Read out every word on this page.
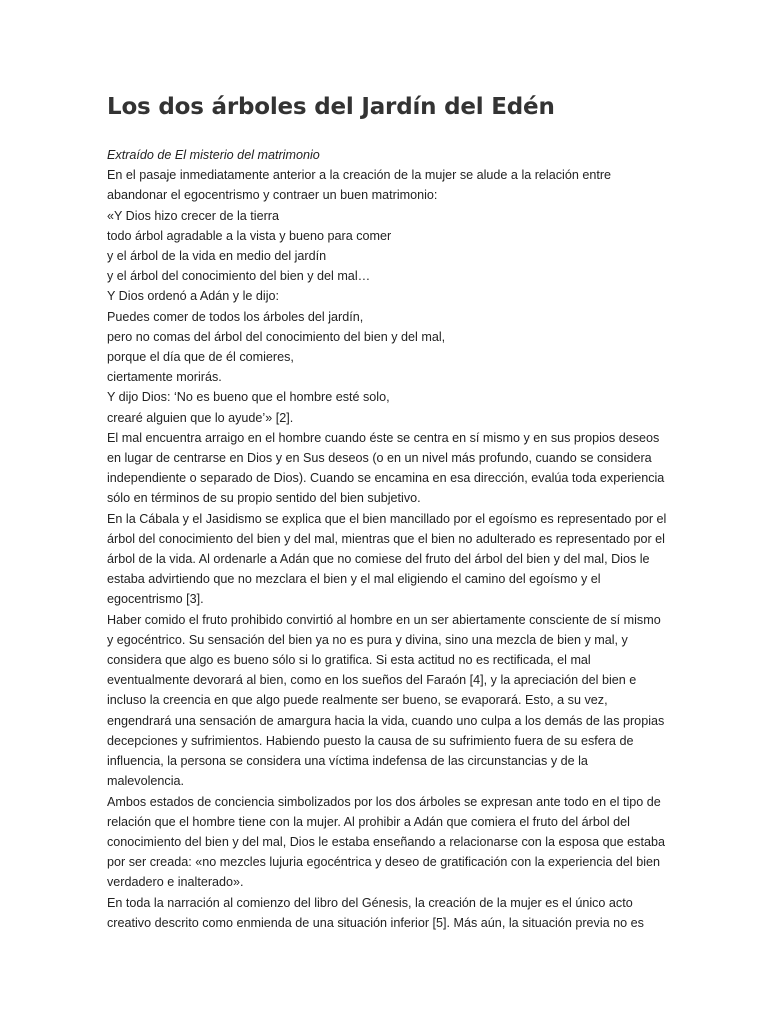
Los dos árboles del Jardín del Edén

Extraído de El misterio del matrimonio

En el pasaje inmediatamente anterior a la creación de la mujer se alude a la relación entre abandonar el egocentrismo y contraer un buen matrimonio:

«Y Dios hizo crecer de la tierra

todo árbol agradable a la vista y bueno para comer

y el árbol de la vida en medio del jardín

y el árbol del conocimiento del bien y del mal…

Y Dios ordenó a Adán y le dijo:

Puedes comer de todos los árboles del jardín,

pero no comas del árbol del conocimiento del bien y del mal,

porque el día que de él comieres,

ciertamente morirás.

Y dijo Dios: ‘No es bueno que el hombre esté solo,

crearé alguien que lo ayude’» [2].

El mal encuentra arraigo en el hombre cuando éste se centra en sí mismo y en sus propios deseos en lugar de centrarse en Dios y en Sus deseos (o en un nivel más profundo, cuando se considera independiente o separado de Dios). Cuando se encamina en esa dirección, evalúa toda experiencia sólo en términos de su propio sentido del bien subjetivo.

En la Cábala y el Jasidismo se explica que el bien mancillado por el egoísmo es representado por el árbol del conocimiento del bien y del mal, mientras que el bien no adulterado es representado por el árbol de la vida. Al ordenarle a Adán que no comiese del fruto del árbol del bien y del mal, Dios le estaba advirtiendo que no mezclara el bien y el mal eligiendo el camino del egoísmo y el egocentrismo [3].

Haber comido el fruto prohibido convirtió al hombre en un ser abiertamente consciente de sí mismo y egocéntrico. Su sensación del bien ya no es pura y divina, sino una mezcla de bien y mal, y considera que algo es bueno sólo si lo gratifica. Si esta actitud no es rectificada, el mal eventualmente devorará al bien, como en los sueños del Faraón [4], y la apreciación del bien e incluso la creencia en que algo puede realmente ser bueno, se evaporará. Esto, a su vez, engendrará una sensación de amargura hacia la vida, cuando uno culpa a los demás de las propias decepciones y sufrimientos. Habiendo puesto la causa de su sufrimiento fuera de su esfera de influencia, la persona se considera una víctima indefensa de las circunstancias y de la malevolencia.

Ambos estados de conciencia simbolizados por los dos árboles se expresan ante todo en el tipo de relación que el hombre tiene con la mujer. Al prohibir a Adán que comiera el fruto del árbol del conocimiento del bien y del mal, Dios le estaba enseñando a relacionarse con la esposa que estaba por ser creada: «no mezcles lujuria egocéntrica y deseo de gratificación con la experiencia del bien verdadero e inalterado».

En toda la narración al comienzo del libro del Génesis, la creación de la mujer es el único acto creativo descrito como enmienda de una situación inferior [5]. Más aún, la situación previa no es
